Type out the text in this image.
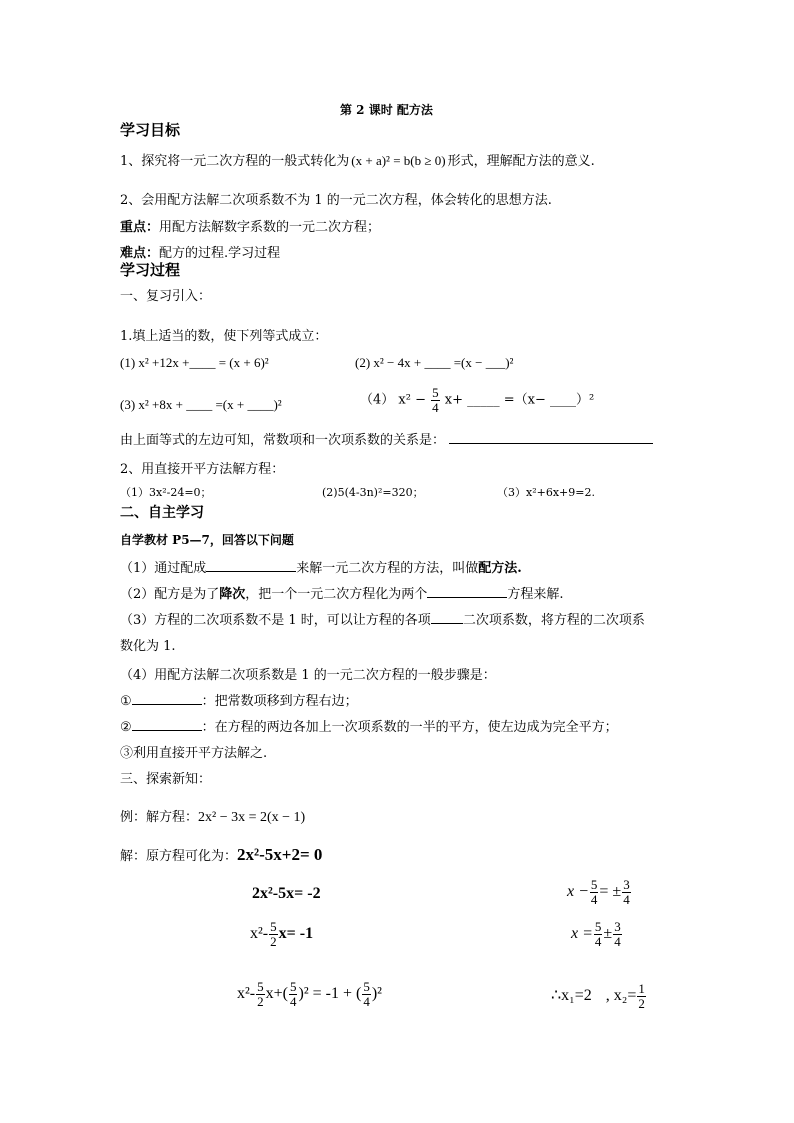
第 2 课时 配方法
学习目标
1、探究将一元二次方程的一般式转化为 (x + a)² = b(b ≥ 0) 形式，理解配方法的意义.
2、会用配方法解二次项系数不为 1 的一元二次方程，体会转化的思想方法.
重点：用配方法解数字系数的一元二次方程；
难点：配方的过程.学习过程
学习过程
一、复习引入：
1.填上适当的数，使下列等式成立：
(1) x² +12x +____ = (x + 6)²	(2) x² − 4x + ____ =(x − ___)²
(3) x² +8x + ____ =(x + ____)²	（4） $x^2 - \frac{5}{4} x+$ _____ =（x− ____）²
由上面等式的左边可知，常数项和一次项系数的关系是：
2、用直接开平方法解方程：
（1）3x²-24=0；	(2)5(4-3n)²=320；	（3）x²+6x+9=2.
二、自主学习
自学教材 P5—7，回答以下问题
（1）通过配成	来解一元二次方程的方法，叫做配方法.
（2）配方是为了降次，把一个一元二次方程化为两个	方程来解.
（3）方程的二次项系数不是 1 时，可以让方程的各项 二次项系数，将方程的二次项系
数化为 1.
（4）用配方法解二次项系数是 1 的一元二次方程的一般步骤是：
①	：把常数项移到方程右边；
②	：在方程的两边各加上一次项系数的一半的平方，使左边成为完全平方；
③利用直接开平方法解之.
三、探索新知：
例：解方程：2x² − 3x = 2(x − 1)
解：原方程可化为：2x²-5x+2= 0
2x²-5x= -2
$x^2- \frac{5}{2} x= -1$
$x^2- \frac{5}{2} x+( \frac{5}{4} )^2 = -1$ + ( $\frac{5}{4} )^2$
$x - \frac{5}{4}$ = ± $\frac{3}{4}$
$x = \frac{5}{4} \pm \frac{3}{4}$
∴x₁=2 , $x_2= \frac{1}{2}$
